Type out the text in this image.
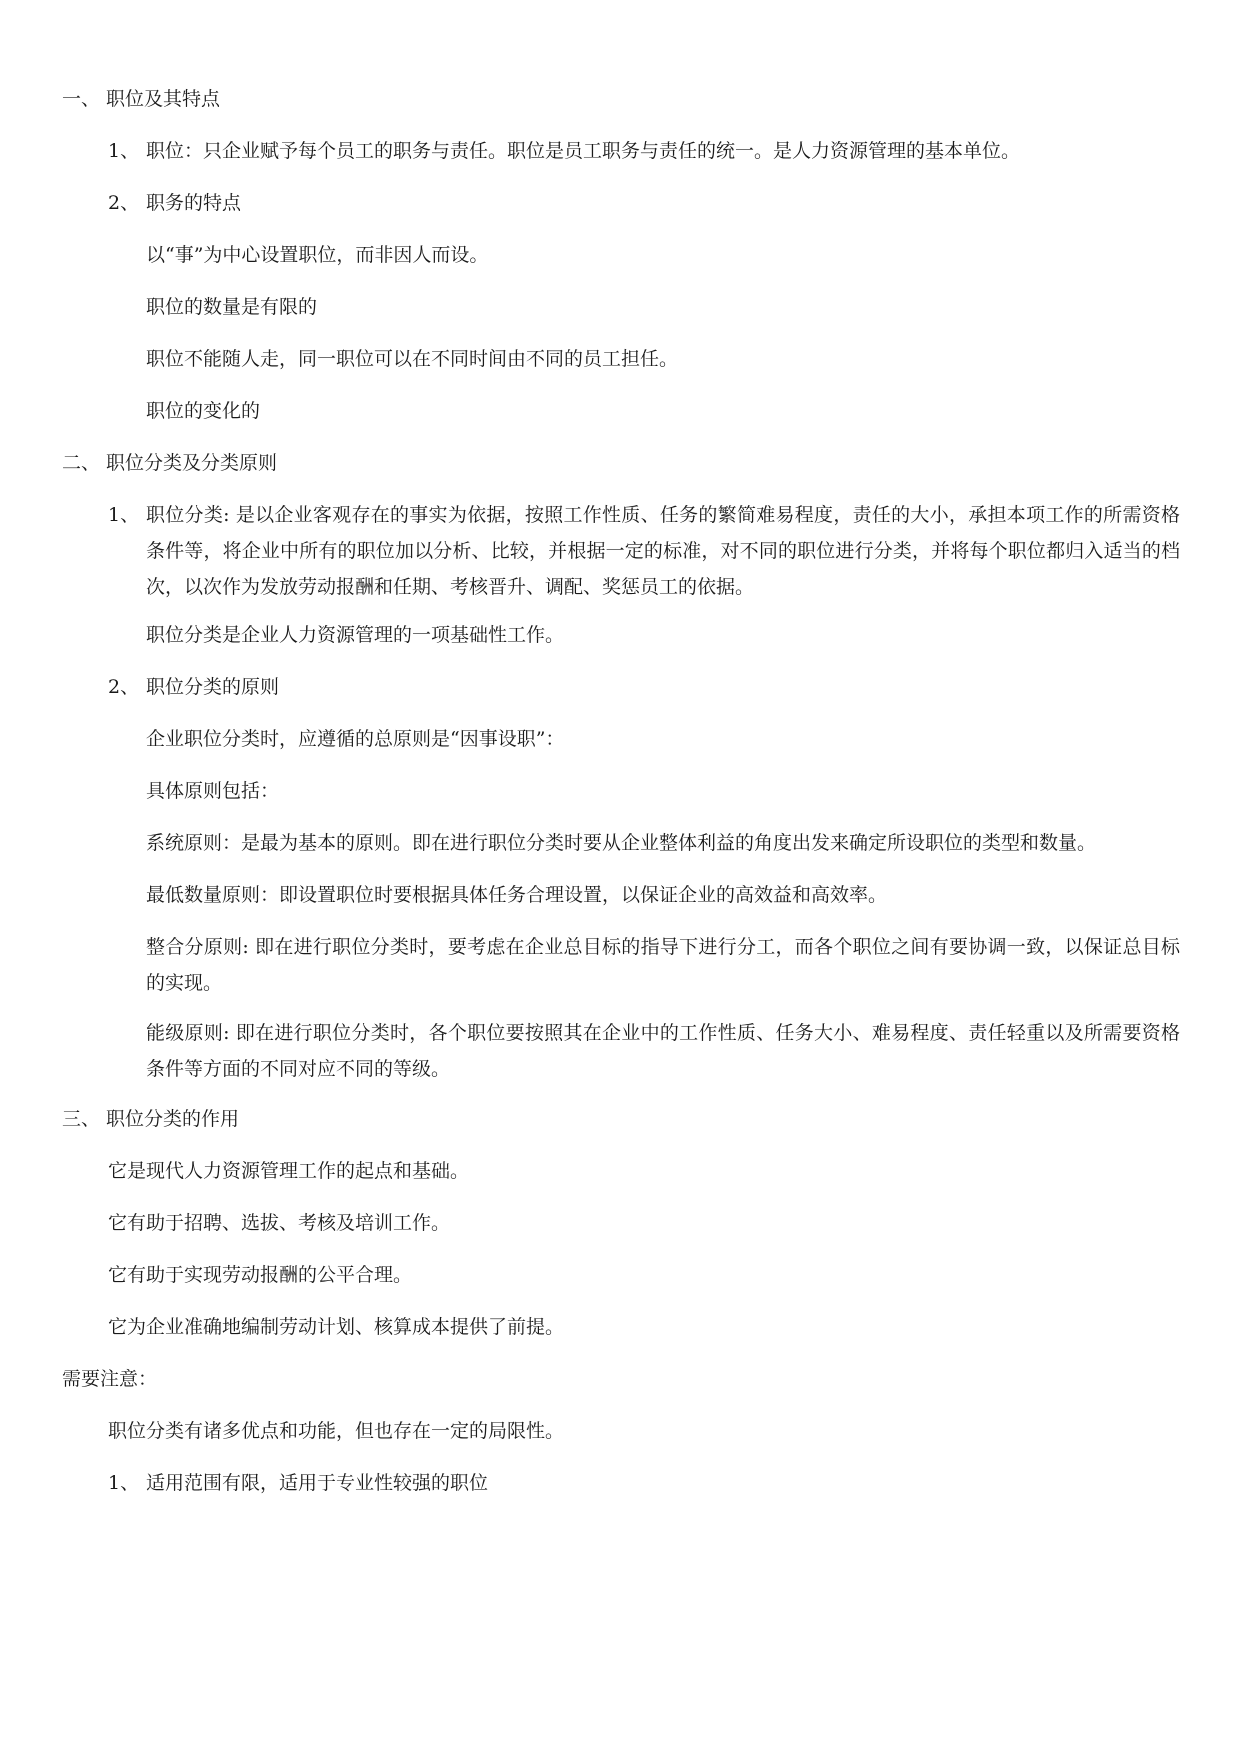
一、 职位及其特点
1、 职位：只企业赋予每个员工的职务与责任。职位是员工职务与责任的统一。是人力资源管理的基本单位。
2、 职务的特点
以“事”为中心设置职位，而非因人而设。
职位的数量是有限的
职位不能随人走，同一职位可以在不同时间由不同的员工担任。
职位的变化的
二、 职位分类及分类原则
1、 职位分类: 是以企业客观存在的事实为依据，按照工作性质、任务的繁简难易程度，责任的大小，承担本项工作的所需资格条件等，将企业中所有的职位加以分析、比较，并根据一定的标准，对不同的职位进行分类，并将每个职位都归入适当的档次，以次作为发放劳动报酬和任期、考核晋升、调配、奖惩员工的依据。
职位分类是企业人力资源管理的一项基础性工作。
2、 职位分类的原则
企业职位分类时，应遵循的总原则是“因事设职”：
具体原则包括：
系统原则：是最为基本的原则。即在进行职位分类时要从企业整体利益的角度出发来确定所设职位的类型和数量。
最低数量原则：即设置职位时要根据具体任务合理设置，以保证企业的高效益和高效率。
整合分原则: 即在进行职位分类时，要考虑在企业总目标的指导下进行分工，而各个职位之间有要协调一致，以保证总目标的实现。
能级原则: 即在进行职位分类时，各个职位要按照其在企业中的工作性质、任务大小、难易程度、责任轻重以及所需要资格条件等方面的不同对应不同的等级。
三、 职位分类的作用
它是现代人力资源管理工作的起点和基础。
它有助于招聘、选拔、考核及培训工作。
它有助于实现劳动报酬的公平合理。
它为企业准确地编制劳动计划、核算成本提供了前提。
需要注意：
职位分类有诸多优点和功能，但也存在一定的局限性。
1、 适用范围有限，适用于专业性较强的职位
